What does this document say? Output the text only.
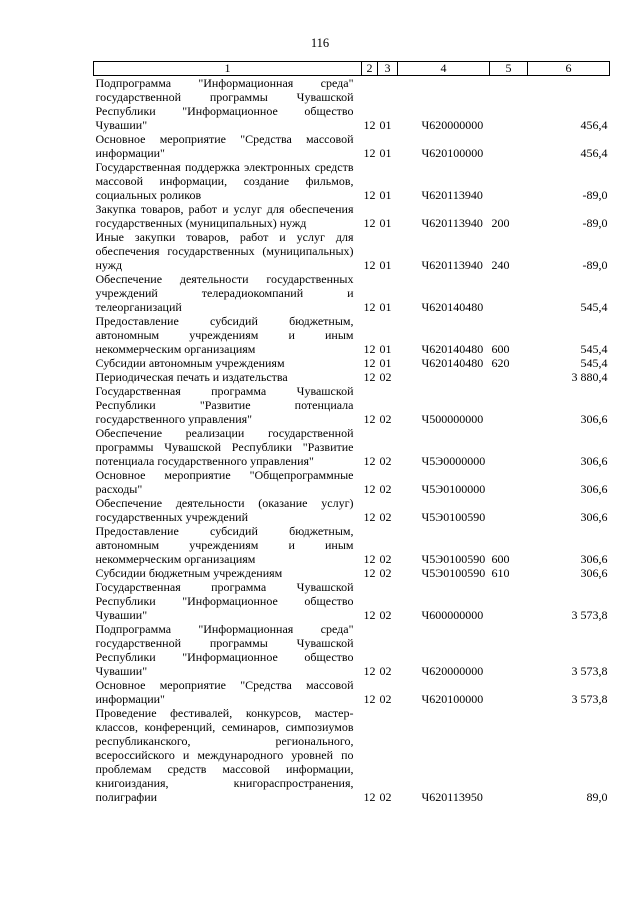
116
1	2	3	4	5	6
Подпрограмма "Информационная среда" государственной программы Чувашской Республики "Информационное общество Чувашии"	12	01	Ч620000000		456,4
Основное мероприятие "Средства массовой информации"	12	01	Ч620100000		456,4
Государственная поддержка электронных средств массовой информации, создание фильмов, социальных роликов	12	01	Ч620113940		-89,0
Закупка товаров, работ и услуг для обеспечения государственных (муниципальных) нужд	12	01	Ч620113940	200	-89,0
Иные закупки товаров, работ и услуг для обеспечения государственных (муниципальных) нужд	12	01	Ч620113940	240	-89,0
Обеспечение деятельности государственных учреждений телерадиокомпаний и телеорганизаций	12	01	Ч620140480		545,4
Предоставление субсидий бюджетным, автономным учреждениям и иным некоммерческим организациям	12	01	Ч620140480	600	545,4
Субсидии автономным учреждениям	12	01	Ч620140480	620	545,4
Периодическая печать и издательства	12	02			3 880,4
Государственная программа Чувашской Республики "Развитие потенциала государственного управления"	12	02	Ч500000000		306,6
Обеспечение реализации государственной программы Чувашской Республики "Развитие потенциала государственного управления"	12	02	Ч5Э0000000		306,6
Основное мероприятие "Общепрограммные расходы"	12	02	Ч5Э0100000		306,6
Обеспечение деятельности (оказание услуг) государственных учреждений	12	02	Ч5Э0100590		306,6
Предоставление субсидий бюджетным, автономным учреждениям и иным некоммерческим организациям	12	02	Ч5Э0100590	600	306,6
Субсидии бюджетным учреждениям	12	02	Ч5Э0100590	610	306,6
Государственная программа Чувашской Республики "Информационное общество Чувашии"	12	02	Ч600000000		3 573,8
Подпрограмма "Информационная среда" государственной программы Чувашской Республики "Информационное общество Чувашии"	12	02	Ч620000000		3 573,8
Основное мероприятие "Средства массовой информации"	12	02	Ч620100000		3 573,8
Проведение фестивалей, конкурсов, мастер-классов, конференций, семинаров, симпозиумов республиканского, регионального, всероссийского и международного уровней по проблемам средств массовой информации, книгоиздания, книгораспространения, полиграфии	12	02	Ч620113950		89,0
